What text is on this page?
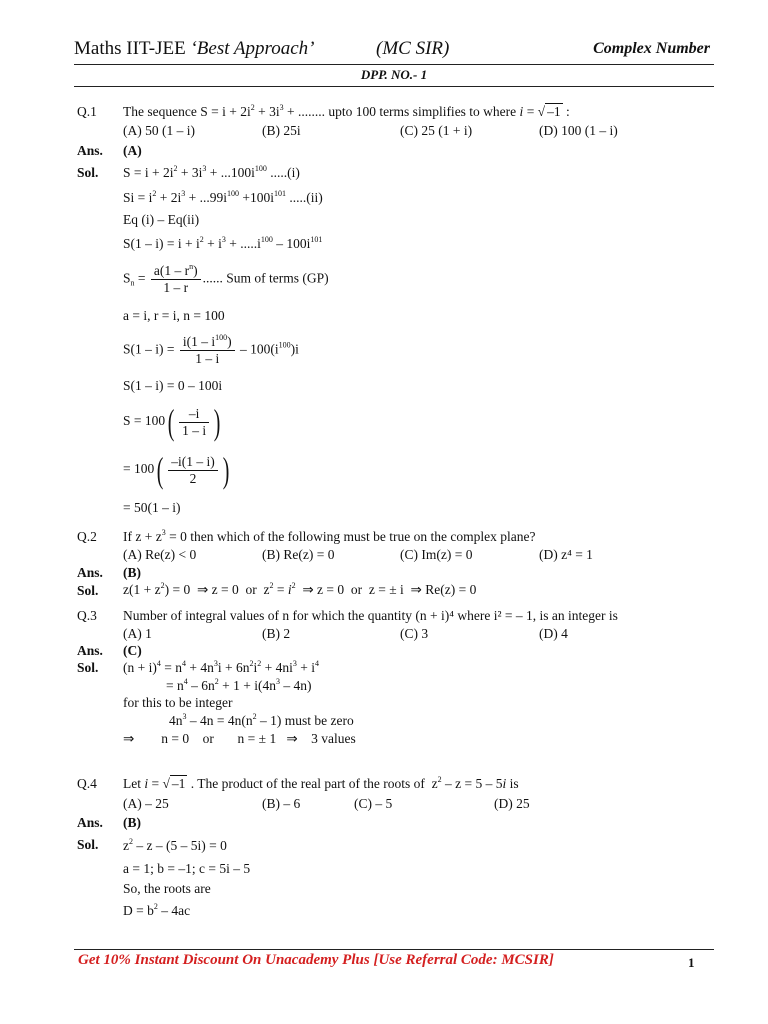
Maths IIT-JEE ‘Best Approach’	(MC SIR)	Complex Number
DPP. NO.- 1
Q.1 The sequence $S = i + 2i^2 + 3i^3$ + ........ upto 100 terms simplifies to where i = √ –1 :
(A) 50 (1 – i)	(B) 25i	(C) 25 (1 + i)	(D) 100 (1 – i)
Ans. (A)
Sol. $S = i + 2i^2 + 3i^3 + ...100i^{100}$ .....(i)
$Si = i^2 + 2i^3 + ...99i^{100} +100i^{101}$ .....(ii)
Eq (i) – Eq(ii)
$S(1 - i) = i + i^2 + i^3 + .....i^{100} - 100i^{101}$
$S_n = \frac{a(1 - r^n)}{1 - r}$ ...... Sum of terms (GP)
a = i, r = i, n = 100
$S(1 - i) = \frac{i(1 - i^{100})}{1 - i} - 100(i^{100})i$
S(1 – i) = 0 – 100i
$S = 100( \frac{-i}{1 - i}$ )
= $100( \frac{-i(1 - i)}{2}$ )
= 50(1 – i)
Q.2 If $z + z^3 = 0$ then which of the following must be true on the complex plane?
(A) Re(z) < 0	(B) Re(z) = 0	(C) Im(z) = 0	(D) z⁴ = 1
Ans. (B)
Sol. $z(1 + z^2) = 0$  ⇒ z = 0  or  $z^2 = i^2$  ⇒ z = 0  or  z = ± i  ⇒ Re(z) = 0
Q.3 Number of integral values of n for which the quantity (n + i)⁴ where i² = – 1, is an integer is
(A) 1	(B) 2	(C) 3	(D) 4
Ans. (C)
Sol. $(n + i)^4 = n^4 + 4n^3i + 6n^2i^2 + 4ni^3 + i^4$
= $n^4 - 6n^2 + 1 + i(4n^3 - 4n)$
for this to be integer
$4n^3 - 4n = 4n(n^2 - 1)$ must be zero
⇒        n = 0    or       n = ± 1   ⇒    3 values
Q.4 Let i = √ –1 . The product of the real part of the roots of  $z^2 - z = 5 - 5i$ is
(A) – 25	(B) – 6	(C) – 5	(D) 25
Ans. (B)
Sol. $z^2 - z - (5 - 5i) = 0$
a = 1; b = –1; c = 5i – 5
So, the roots are
$D = b^2 - 4ac$
Get 10% Instant Discount On Unacademy Plus [Use Referral Code: MCSIR]	1
